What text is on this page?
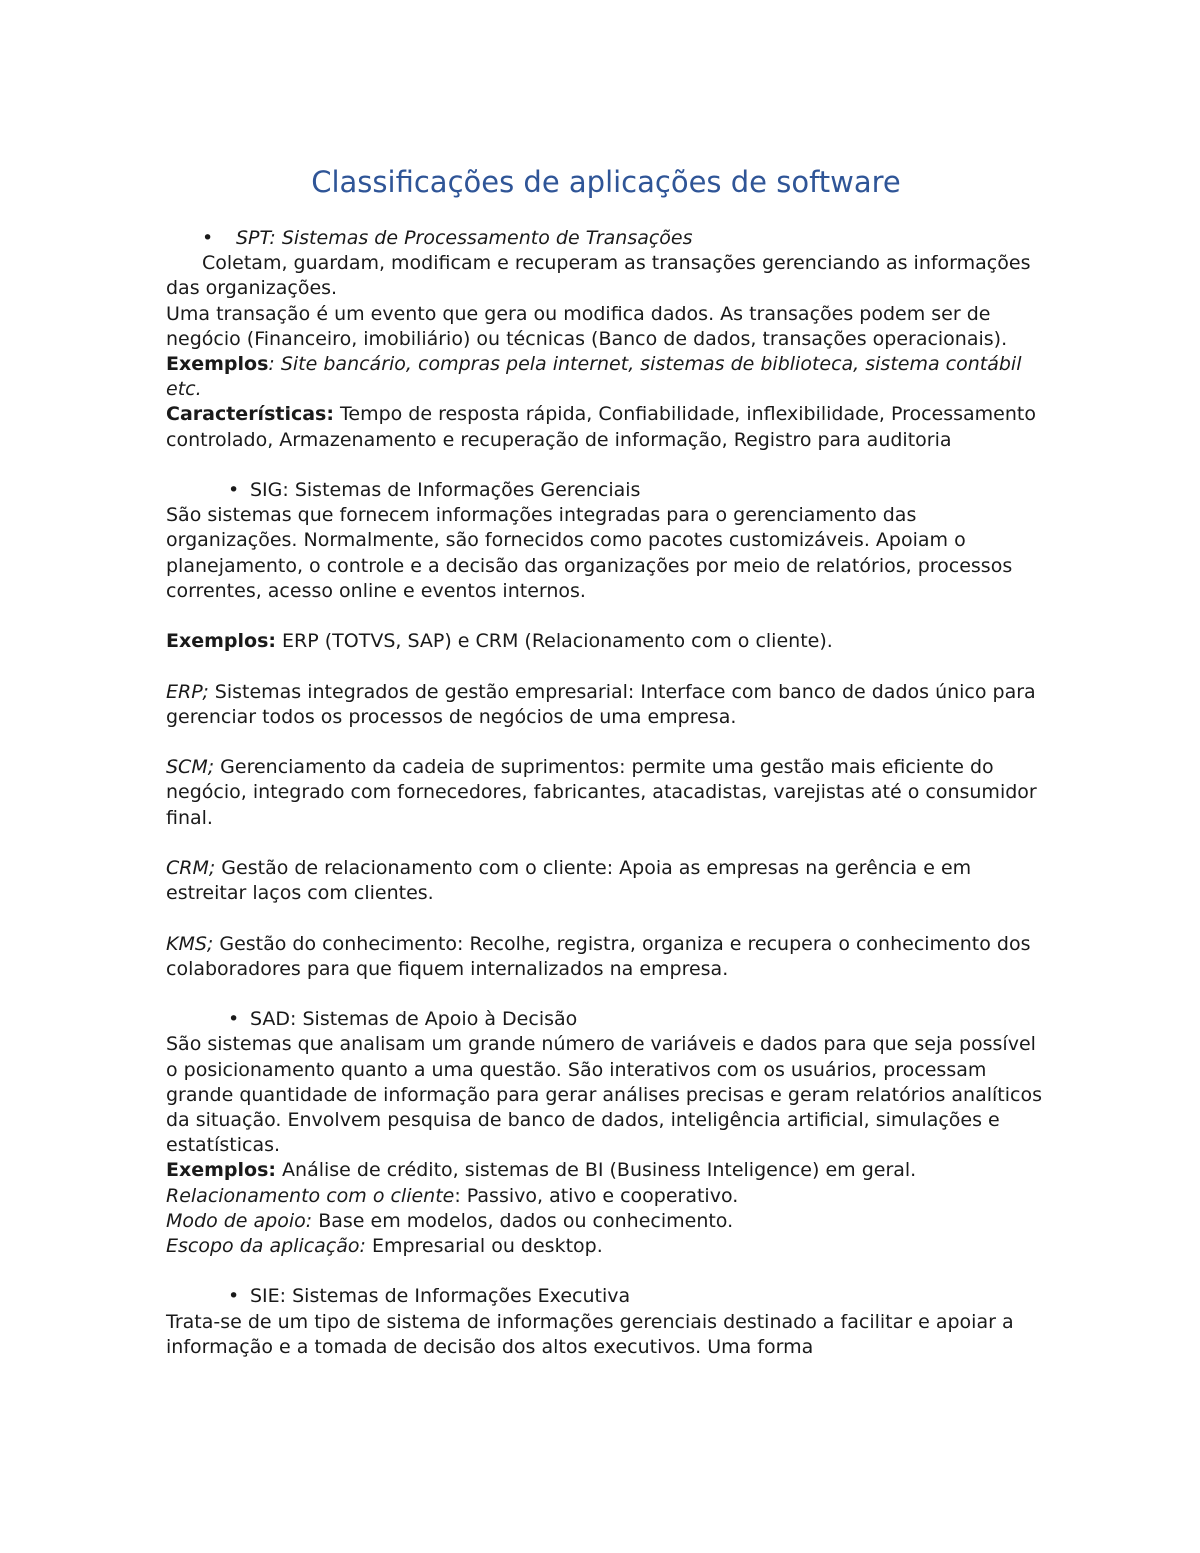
Classificações de aplicações de software
• SPT: Sistemas de Processamento de Transações

Coletam, guardam, modificam e recuperam as transações gerenciando as informações das organizações.

Uma transação é um evento que gera ou modifica dados. As transações podem ser de negócio (Financeiro, imobiliário) ou técnicas (Banco de dados, transações operacionais).

Exemplos: Site bancário, compras pela internet, sistemas de biblioteca, sistema contábil etc.

Características: Tempo de resposta rápida, Confiabilidade, inflexibilidade, Processamento controlado, Armazenamento e recuperação de informação, Registro para auditoria

• SIG: Sistemas de Informações Gerenciais

São sistemas que fornecem informações integradas para o gerenciamento das organizações. Normalmente, são fornecidos como pacotes customizáveis. Apoiam o planejamento, o controle e a decisão das organizações por meio de relatórios, processos correntes, acesso online e eventos internos.

Exemplos: ERP (TOTVS, SAP) e CRM (Relacionamento com o cliente).

ERP; Sistemas integrados de gestão empresarial: Interface com banco de dados único para gerenciar todos os processos de negócios de uma empresa.

SCM; Gerenciamento da cadeia de suprimentos: permite uma gestão mais eficiente do negócio, integrado com fornecedores, fabricantes, atacadistas, varejistas até o consumidor final.

CRM; Gestão de relacionamento com o cliente: Apoia as empresas na gerência e em estreitar laços com clientes.

KMS; Gestão do conhecimento: Recolhe, registra, organiza e recupera o conhecimento dos colaboradores para que fiquem internalizados na empresa.

• SAD: Sistemas de Apoio à Decisão

São sistemas que analisam um grande número de variáveis e dados para que seja possível o posicionamento quanto a uma questão. São interativos com os usuários, processam grande quantidade de informação para gerar análises precisas e geram relatórios analíticos da situação. Envolvem pesquisa de banco de dados, inteligência artificial, simulações e estatísticas.

Exemplos: Análise de crédito, sistemas de BI (Business Inteligence) em geral.

Relacionamento com o cliente: Passivo, ativo e cooperativo.

Modo de apoio: Base em modelos, dados ou conhecimento.

Escopo da aplicação: Empresarial ou desktop.

• SIE: Sistemas de Informações Executiva

Trata-se de um tipo de sistema de informações gerenciais destinado a facilitar e apoiar a informação e a tomada de decisão dos altos executivos. Uma forma
